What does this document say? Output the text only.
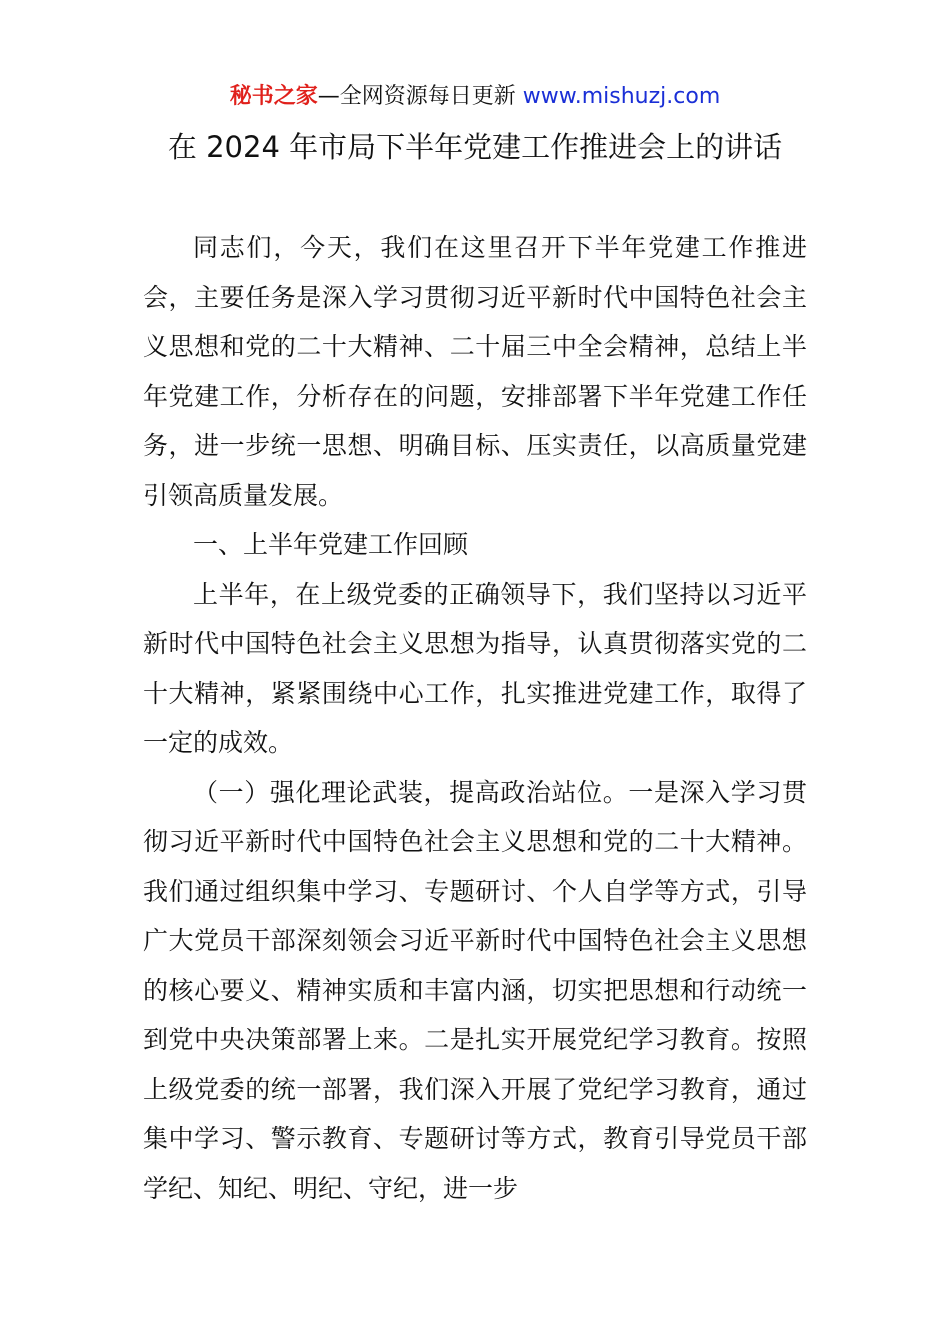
秘书之家—全网资源每日更新 www.mishuzj.com
在 2024 年市局下半年党建工作推进会上的讲话

同志们，今天，我们在这里召开下半年党建工作推进会，主要任务是深入学习贯彻习近平新时代中国特色社会主义思想和党的二十大精神、二十届三中全会精神，总结上半年党建工作，分析存在的问题，安排部署下半年党建工作任务，进一步统一思想、明确目标、压实责任，以高质量党建引领高质量发展。

一、上半年党建工作回顾

上半年，在上级党委的正确领导下，我们坚持以习近平新时代中国特色社会主义思想为指导，认真贯彻落实党的二十大精神，紧紧围绕中心工作，扎实推进党建工作，取得了一定的成效。

（一）强化理论武装，提高政治站位。一是深入学习贯彻习近平新时代中国特色社会主义思想和党的二十大精神。我们通过组织集中学习、专题研讨、个人自学等方式，引导广大党员干部深刻领会习近平新时代中国特色社会主义思想的核心要义、精神实质和丰富内涵，切实把思想和行动统一到党中央决策部署上来。二是扎实开展党纪学习教育。按照上级党委的统一部署，我们深入开展了党纪学习教育，通过集中学习、警示教育、专题研讨等方式，教育引导党员干部学纪、知纪、明纪、守纪，进一步
